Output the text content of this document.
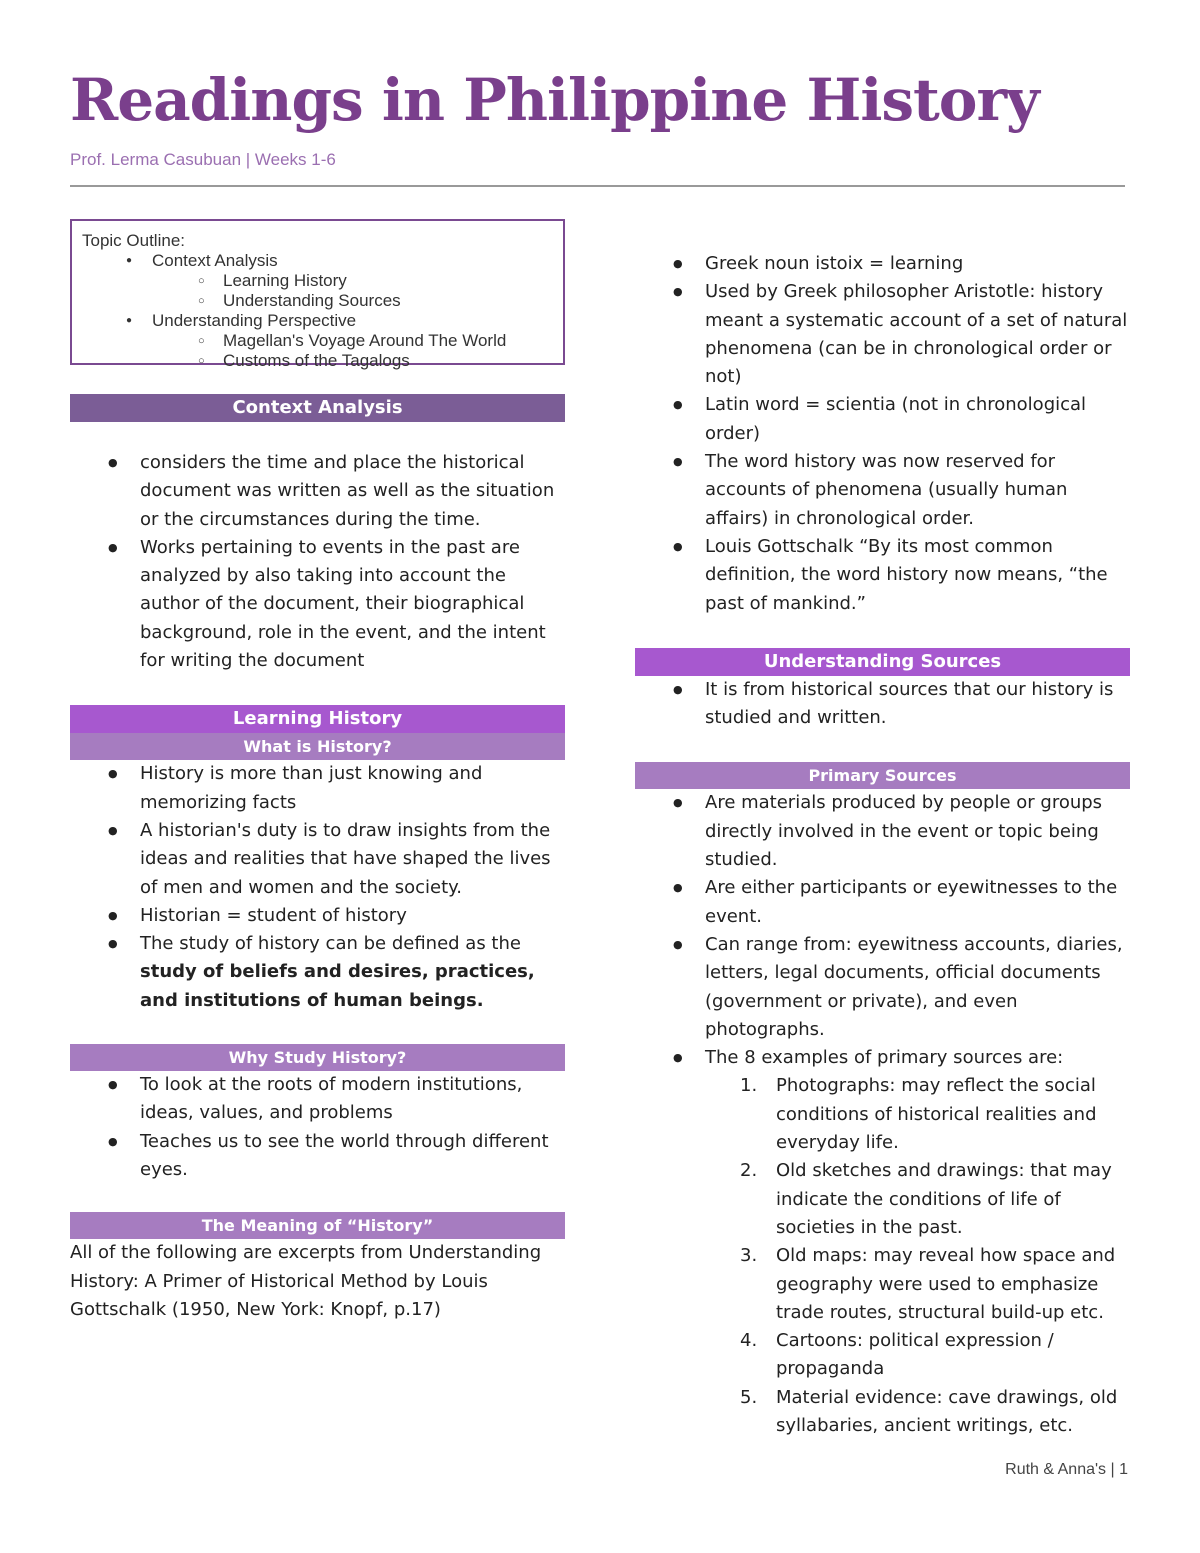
Readings in Philippine History
Prof. Lerma Casubuan | Weeks 1-6
Topic Outline:
● Context Analysis
○ Learning History
○ Understanding Sources
● Understanding Perspective
○ Magellan's Voyage Around The World
○ Customs of the Tagalogs
Context Analysis
● considers the time and place the historical document was written as well as the situation or the circumstances during the time.
● Works pertaining to events in the past are analyzed by also taking into account the author of the document, their biographical background, role in the event, and the intent for writing the document
Learning History
What is History?
● History is more than just knowing and memorizing facts
● A historian's duty is to draw insights from the ideas and realities that have shaped the lives of men and women and the society.
● Historian = student of history
● The study of history can be defined as the study of beliefs and desires, practices, and institutions of human beings.
Why Study History?
● To look at the roots of modern institutions, ideas, values, and problems
● Teaches us to see the world through different eyes.
The Meaning of “History”
All of the following are excerpts from Understanding History: A Primer of Historical Method by Louis Gottschalk (1950, New York: Knopf, p.17)
● Greek noun istoix = learning
● Used by Greek philosopher Aristotle: history meant a systematic account of a set of natural phenomena (can be in chronological order or not)
● Latin word = scientia (not in chronological order)
● The word history was now reserved for accounts of phenomena (usually human affairs) in chronological order.
● Louis Gottschalk “By its most common definition, the word history now means, “the past of mankind.”
Understanding Sources
● It is from historical sources that our history is studied and written.
Primary Sources
● Are materials produced by people or groups directly involved in the event or topic being studied.
● Are either participants or eyewitnesses to the event.
● Can range from: eyewitness accounts, diaries, letters, legal documents, official documents (government or private), and even photographs.
● The 8 examples of primary sources are:
1. Photographs: may reflect the social conditions of historical realities and everyday life.
2. Old sketches and drawings: that may indicate the conditions of life of societies in the past.
3. Old maps: may reveal how space and geography were used to emphasize trade routes, structural build-up etc.
4. Cartoons: political expression / propaganda
5. Material evidence: cave drawings, old syllabaries, ancient writings, etc.
Ruth & Anna's | 1
